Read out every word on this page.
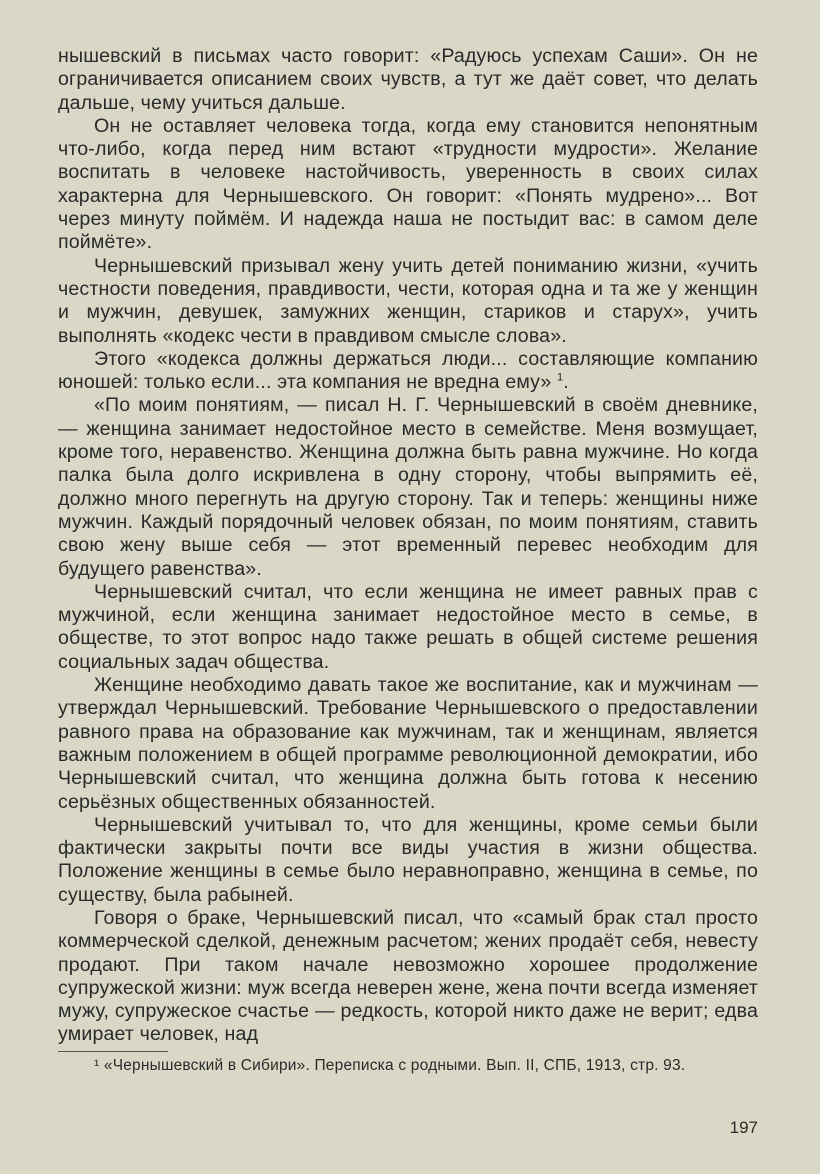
нышевский в письмах часто говорит: «Радуюсь успехам Саши». Он не ограничивается описанием своих чувств, а тут же даёт совет, что делать дальше, чему учиться дальше.

Он не оставляет человека тогда, когда ему становится непонятным что-либо, когда перед ним встают «трудности мудрости». Желание воспитать в человеке настойчивость, уверенность в своих силах характерна для Чернышевского. Он говорит: «Понять мудрено»... Вот через минуту поймём. И надежда наша не постыдит вас: в самом деле поймёте».

Чернышевский призывал жену учить детей пониманию жизни, «учить честности поведения, правдивости, чести, которая одна и та же у женщин и мужчин, девушек, замужних женщин, стариков и старух», учить выполнять «кодекс чести в правдивом смысле слова».

Этого «кодекса должны держаться люди... составляющие компанию юношей: только если... эта компания не вредна ему» $^1$.

«По моим понятиям, — писал Н. Г. Чернышевский в своём дневнике, — женщина занимает недостойное место в семействе. Меня возмущает, кроме того, неравенство. Женщина должна быть равна мужчине. Но когда палка была долго искривлена в одну сторону, чтобы выпрямить её, должно много перегнуть на другую сторону. Так и теперь: женщины ниже мужчин. Каждый порядочный человек обязан, по моим понятиям, ставить свою жену выше себя — этот временный перевес необходим для будущего равенства».

Чернышевский считал, что если женщина не имеет равных прав с мужчиной, если женщина занимает недостойное место в семье, в обществе, то этот вопрос надо также решать в общей системе решения социальных задач общества.

Женщине необходимо давать такое же воспитание, как и мужчинам — утверждал Чернышевский. Требование Чернышевского о предоставлении равного права на образование как мужчинам, так и женщинам, является важным положением в общей программе революционной демократии, ибо Чернышевский считал, что женщина должна быть готова к несению серьёзных общественных обязанностей.

Чернышевский учитывал то, что для женщины, кроме семьи были фактически закрыты почти все виды участия в жизни общества. Положение женщины в семье было неравноправно, женщина в семье, по существу, была рабыней.

Говоря о браке, Чернышевский писал, что «самый брак стал просто коммерческой сделкой, денежным расчетом; жених продаёт себя, невесту продают. При таком начале невозможно хорошее продолжение супружеской жизни: муж всегда неверен жене, жена почти всегда изменяет мужу, супружеское счастье — редкость, которой никто даже не верит; едва умирает человек, над

¹ «Чернышевский в Сибири». Переписка с родными. Вып. II, СПБ, 1913, стр. 93.

197
